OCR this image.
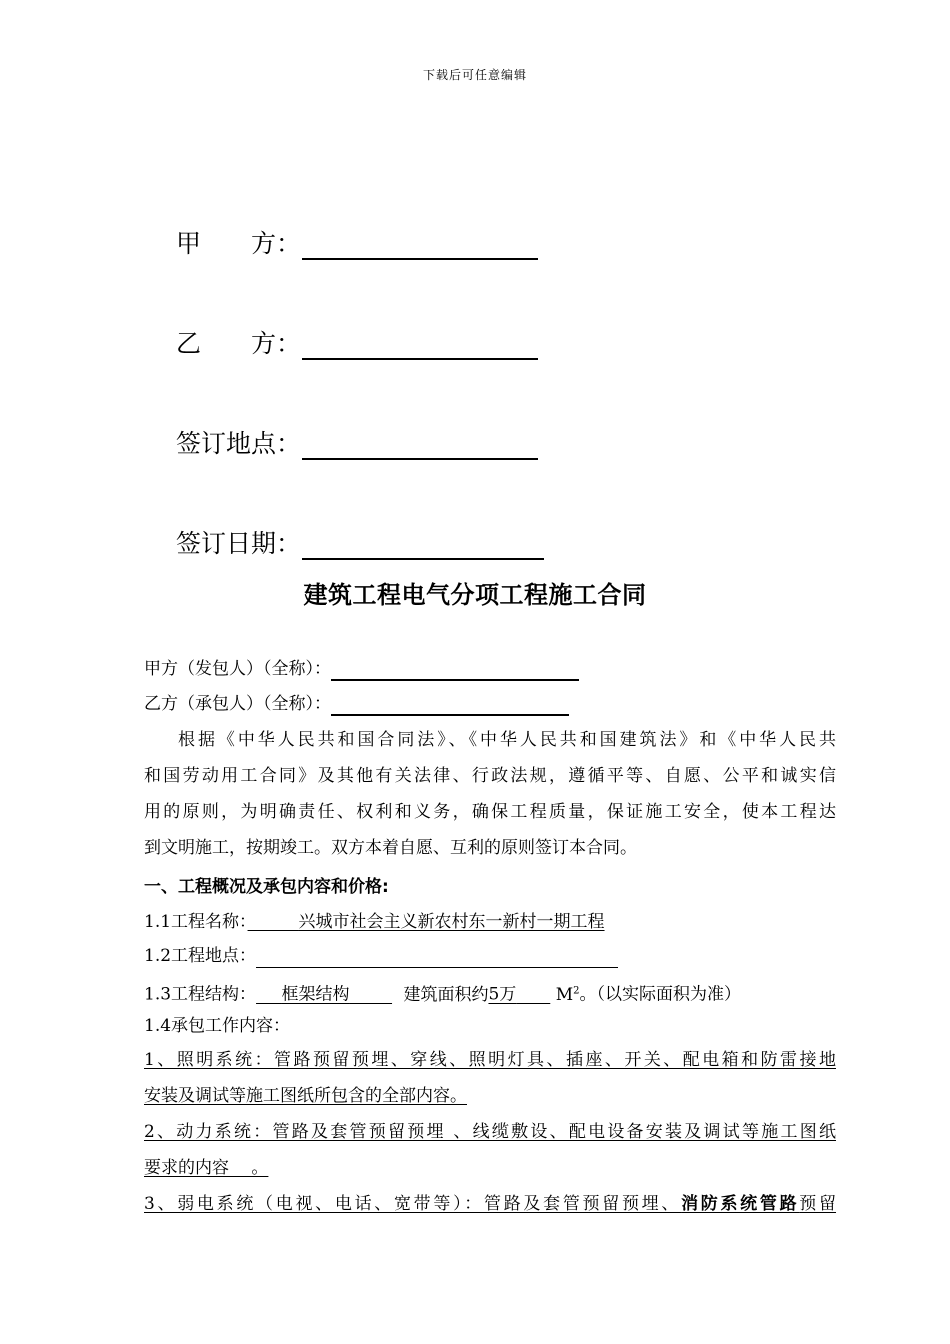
下载后可任意编辑
甲　　方：
乙　　方：
签订地点：
签订日期：
建筑工程电气分项工程施工合同
甲方（发包人）（全称）：
乙方（承包人）（全称）：
根据《中华人民共和国合同法》、《中华人民共和国建筑法》和《中华人民共
和国劳动用工合同》及其他有关法律、行政法规，遵循平等、自愿、公平和诚实信
用的原则，为明确责任、权利和义务，确保工程质量，保证施工安全，使本工程达
到文明施工，按期竣工。双方本着自愿、互利的原则签订本合同。
一、工程概况及承包内容和价格:
1.1工程名称：　　　	兴城市社会主义新农村东一新村一期工程
1.2工程地点：
1.3工程结构：   框架结构   	建筑面积约5万   $M^2$。（以实际面积为准）
1.4承包工作内容：
1、照明系统：管路预留预埋、穿线、照明灯具、插座、开关、配电箱和防雷接地
安装及调试等施工图纸所包含的全部内容。 
2、动力系统：管路及套管预留预埋 、线缆敷设、配电设备安装及调试等施工图纸
要求的内容　 。
3、弱电系统（电视、电话、宽带等）：管路及套管预留预埋、消防系统管路预留
